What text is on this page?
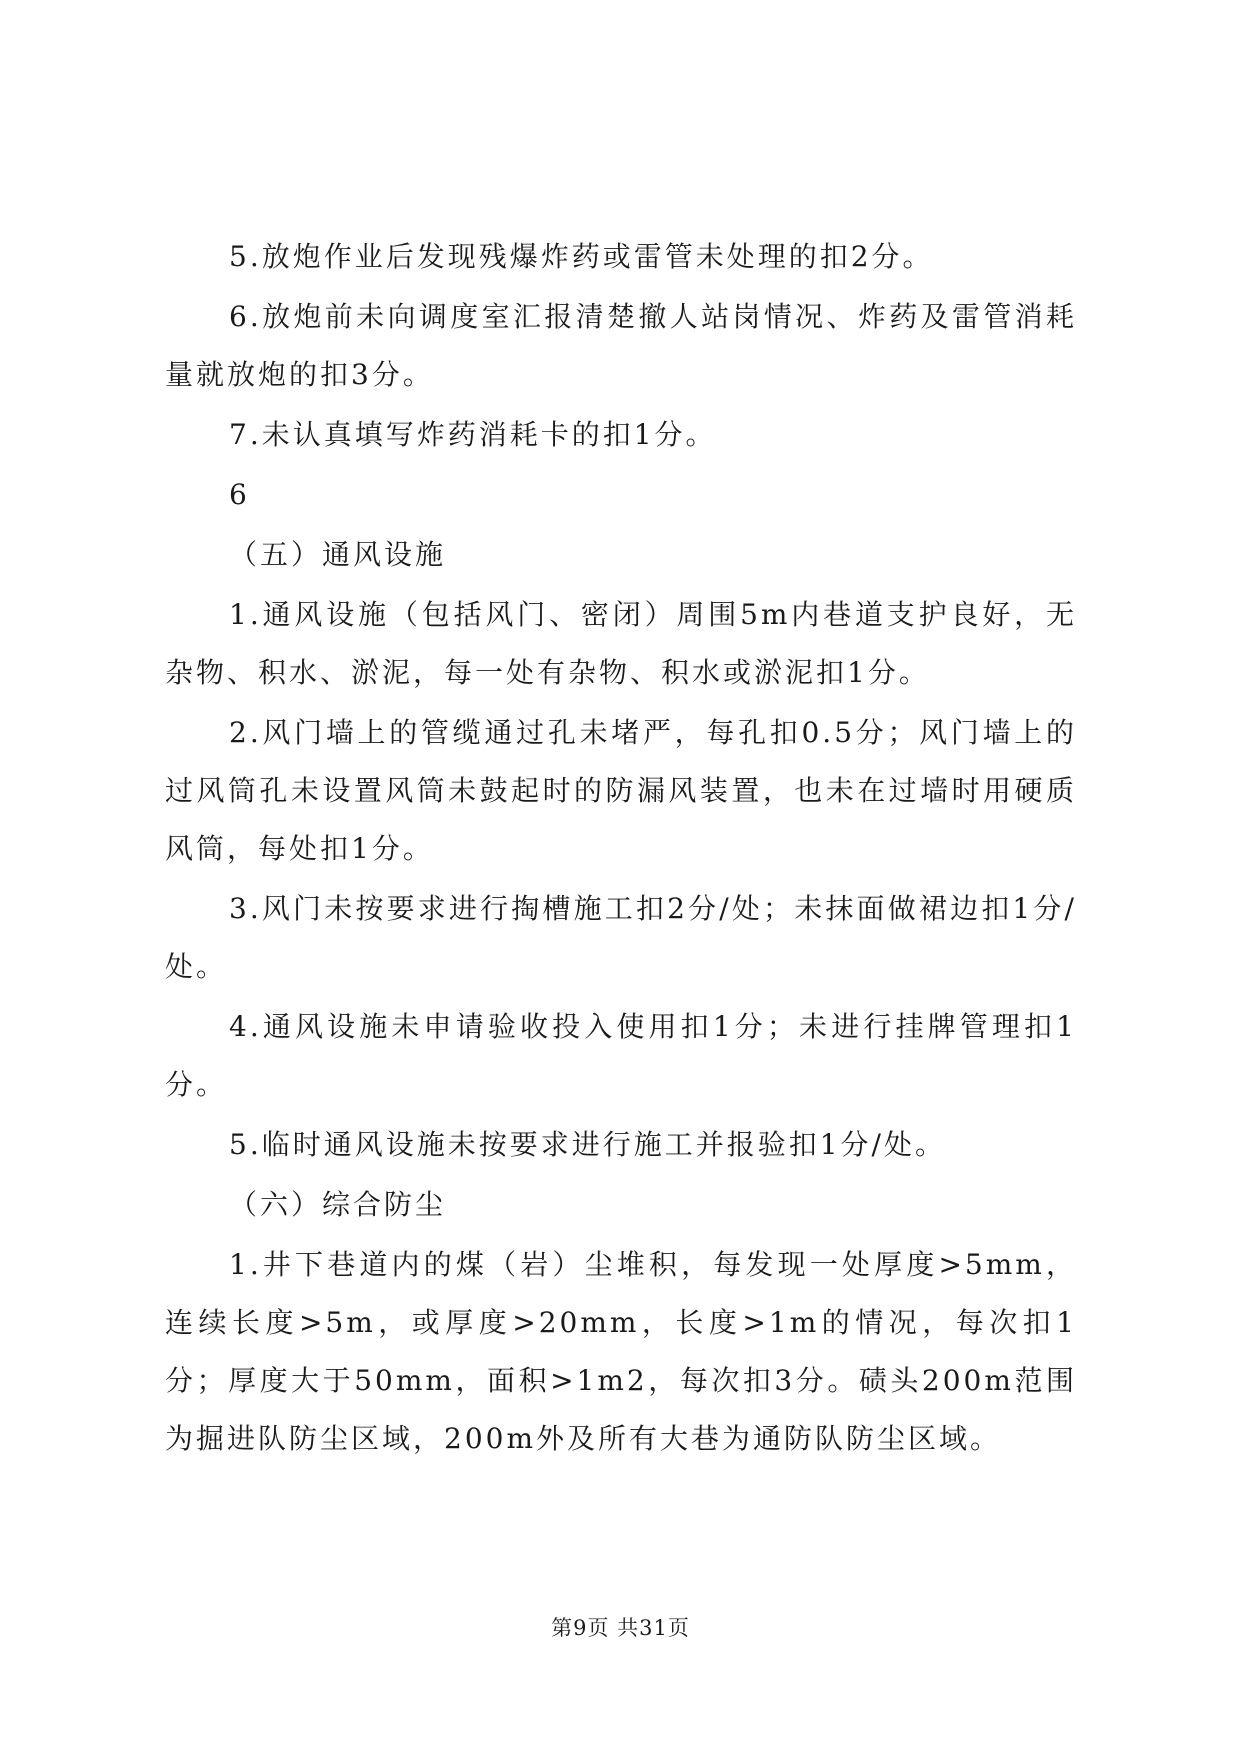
5.放炮作业后发现残爆炸药或雷管未处理的扣2分。

6.放炮前未向调度室汇报清楚撤人站岗情况、炸药及雷管消耗量就放炮的扣3分。

7.未认真填写炸药消耗卡的扣1分。

6

（五）通风设施

1.通风设施（包括风门、密闭）周围5m内巷道支护良好，无杂物、积水、淤泥，每一处有杂物、积水或淤泥扣1分。

2.风门墙上的管缆通过孔未堵严，每孔扣0.5分；风门墙上的过风筒孔未设置风筒未鼓起时的防漏风装置，也未在过墙时用硬质风筒，每处扣1分。

3.风门未按要求进行掏槽施工扣2分/处；未抹面做裙边扣1分/处。

4.通风设施未申请验收投入使用扣1分；未进行挂牌管理扣1分。

5.临时通风设施未按要求进行施工并报验扣1分/处。

（六）综合防尘

1.井下巷道内的煤（岩）尘堆积，每发现一处厚度>5mm，连续长度>5m，或厚度>20mm，长度>1m的情况，每次扣1分；厚度大于50mm，面积>1m2，每次扣3分。碛头200m范围为掘进队防尘区域，200m外及所有大巷为通防队防尘区域。

第9页 共31页
